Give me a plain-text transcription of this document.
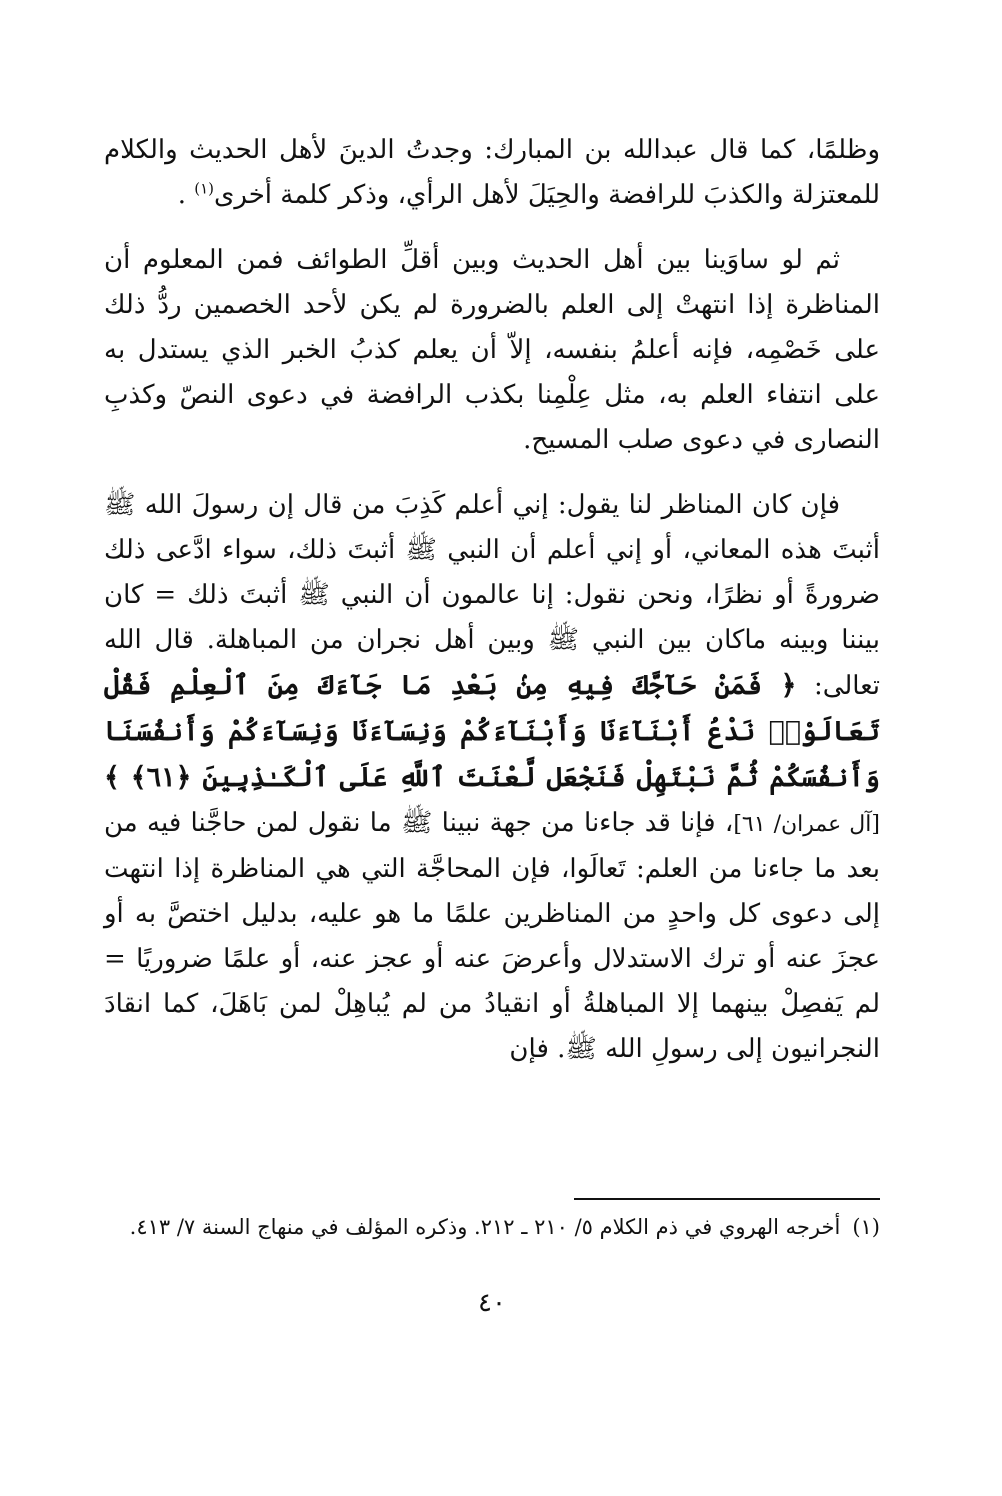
وظلمًا، كما قال عبدالله بن المبارك: وجدتُ الدينَ لأهل الحديث والكلام للمعتزلة والكذبَ للرافضة والحِيَلَ لأهل الرأي، وذكر كلمة أخرى$^{(١)}$ .

ثم لو ساوَينا بين أهل الحديث وبين أقلِّ الطوائف فمن المعلوم أن المناظرة إذا انتهتْ إلى العلم بالضرورة لم يكن لأحد الخصمين ردُّ ذلك على خَصْمِه، فإنه أعلمُ بنفسه، إلاّ أن يعلم كذبُ الخبر الذي يستدل به على انتفاء العلم به، مثل عِلْمِنا بكذب الرافضة في دعوى النصّ وكذبِ النصارى في دعوى صلب المسيح.

فإن كان المناظر لنا يقول: إني أعلم كَذِبَ من قال إن رسولَ الله ﷺ أثبتَ هذه المعاني، أو إني أعلم أن النبي ﷺ أثبتَ ذلك، سواء ادَّعى ذلك ضرورةً أو نظرًا، ونحن نقول: إنا عالمون أن النبي ﷺ أثبتَ ذلك = كان بيننا وبينه ماكان بين النبي ﷺ وبين أهل نجران من المباهلة. قال الله تعالى: ﴿ فَمَنْ حَآجَّكَ فِيهِ مِنۢ بَعْدِ مَا جَآءَكَ مِنَ ٱلْعِلْمِ فَقُلْ تَعَالَوْا۟ نَدْعُ أَبْنَآءَنَا وَأَبْنَآءَكُمْ وَنِسَآءَنَا وَنِسَآءَكُمْ وَأَنفُسَنَا وَأَنفُسَكُمْ ثُمَّ نَبْتَهِلْ فَنَجْعَل لَّعْنَتَ ٱللَّهِ عَلَى ٱلْكَـٰذِبِينَ ﴿٦١﴾ ﴾ [آل عمران/ ٦١]، فإنا قد جاءنا من جهة نبينا ﷺ ما نقول لمن حاجَّنا فيه من بعد ما جاءنا من العلم: تَعالَوا، فإن المحاجَّة التي هي المناظرة إذا انتهت إلى دعوى كل واحدٍ من المناظرين علمًا ما هو عليه، بدليل اختصَّ به أو عجزَ عنه أو ترك الاستدلال وأعرضَ عنه أو عجز عنه، أو علمًا ضروريًا = لم يَفصِلْ بينهما إلا المباهلةُ أو انقيادُ من لم يُباهِلْ لمن بَاهَلَ، كما انقادَ النجرانيون إلى رسولِ الله ﷺ. فإن

(١)أخرجه الهروي في ذم الكلام ٥/ ٢١٠ ـ ٢١٢. وذكره المؤلف في منهاج السنة ٧/ ٤١٣.
٤٠
